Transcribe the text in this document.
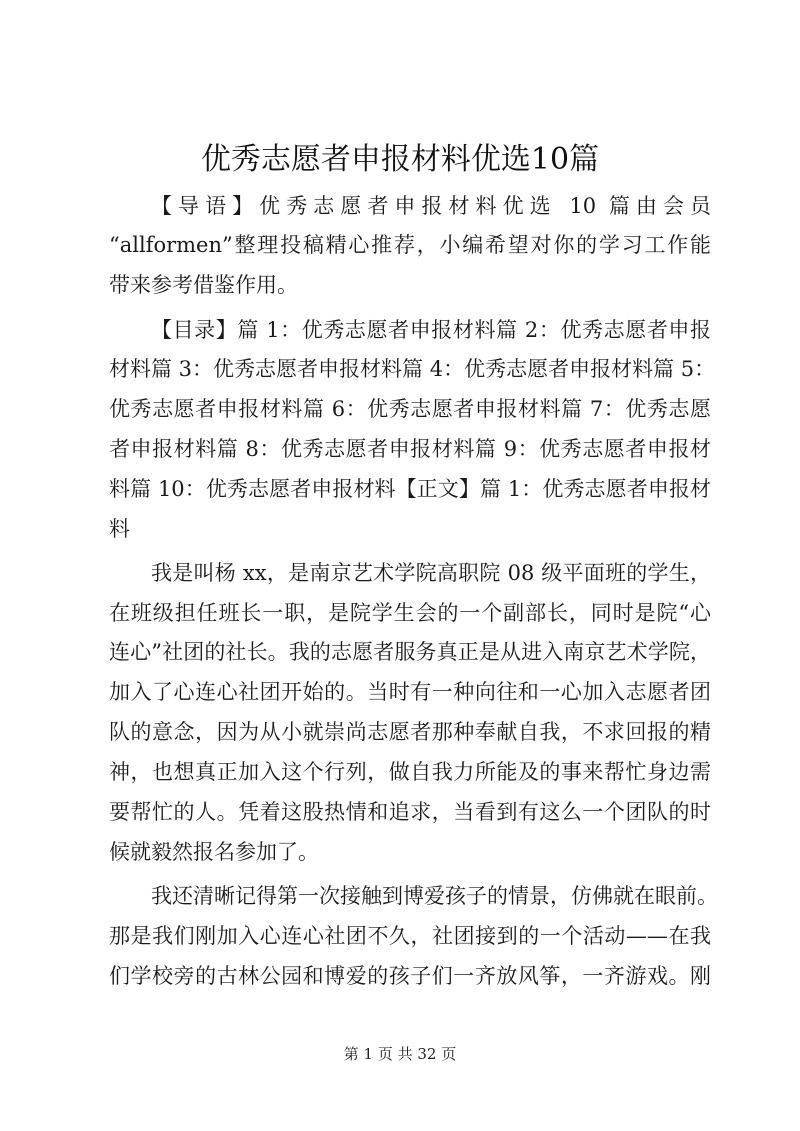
优秀志愿者申报材料优选10篇
【导语】优秀志愿者申报材料优选 10 篇由会员
“allformen”整理投稿精心推荐，小编希望对你的学习工作能
带来参考借鉴作用。
【目录】篇 1：优秀志愿者申报材料篇 2：优秀志愿者申报
材料篇 3：优秀志愿者申报材料篇 4：优秀志愿者申报材料篇 5：
优秀志愿者申报材料篇 6：优秀志愿者申报材料篇 7：优秀志愿
者申报材料篇 8：优秀志愿者申报材料篇 9：优秀志愿者申报材
料篇 10：优秀志愿者申报材料【正文】篇 1：优秀志愿者申报材
料
我是叫杨 xx，是南京艺术学院高职院 08 级平面班的学生，
在班级担任班长一职，是院学生会的一个副部长，同时是院“心
连心”社团的社长。我的志愿者服务真正是从进入南京艺术学院，
加入了心连心社团开始的。当时有一种向往和一心加入志愿者团
队的意念，因为从小就崇尚志愿者那种奉献自我，不求回报的精
神，也想真正加入这个行列，做自我力所能及的事来帮忙身边需
要帮忙的人。凭着这股热情和追求，当看到有这么一个团队的时
候就毅然报名参加了。
我还清晰记得第一次接触到博爱孩子的情景，仿佛就在眼前。
那是我们刚加入心连心社团不久，社团接到的一个活动——在我
们学校旁的古林公园和博爱的孩子们一齐放风筝，一齐游戏。刚
第 1 页 共 32 页
